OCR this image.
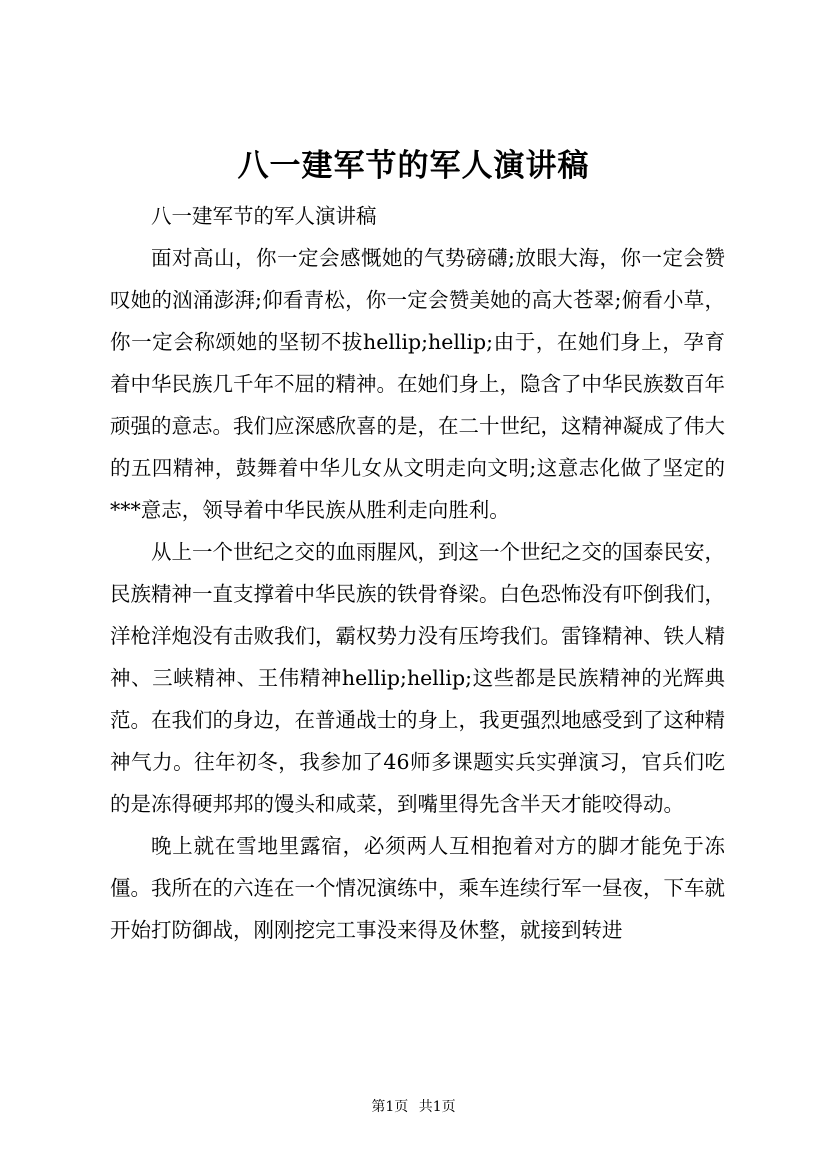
八一建军节的军人演讲稿

八一建军节的军人演讲稿

面对高山，你一定会感慨她的气势磅礴;放眼大海，你一定会赞叹她的汹涌澎湃;仰看青松，你一定会赞美她的高大苍翠;俯看小草，你一定会称颂她的坚韧不拔hellip;hellip;由于，在她们身上，孕育着中华民族几千年不屈的精神。在她们身上，隐含了中华民族数百年顽强的意志。我们应深感欣喜的是，在二十世纪，这精神凝成了伟大的五四精神，鼓舞着中华儿女从文明走向文明;这意志化做了坚定的***意志，领导着中华民族从胜利走向胜利。

从上一个世纪之交的血雨腥风，到这一个世纪之交的国泰民安，民族精神一直支撑着中华民族的铁骨脊梁。白色恐怖没有吓倒我们，洋枪洋炮没有击败我们，霸权势力没有压垮我们。雷锋精神、铁人精神、三峡精神、王伟精神hellip;hellip;这些都是民族精神的光辉典范。在我们的身边，在普通战士的身上，我更强烈地感受到了这种精神气力。往年初冬，我参加了46师多课题实兵实弹演习，官兵们吃的是冻得硬邦邦的馒头和咸菜，到嘴里得先含半天才能咬得动。

晚上就在雪地里露宿，必须两人互相抱着对方的脚才能免于冻僵。我所在的六连在一个情况演练中，乘车连续行军一昼夜，下车就开始打防御战，刚刚挖完工事没来得及休整，就接到转进

第1页 共1页
